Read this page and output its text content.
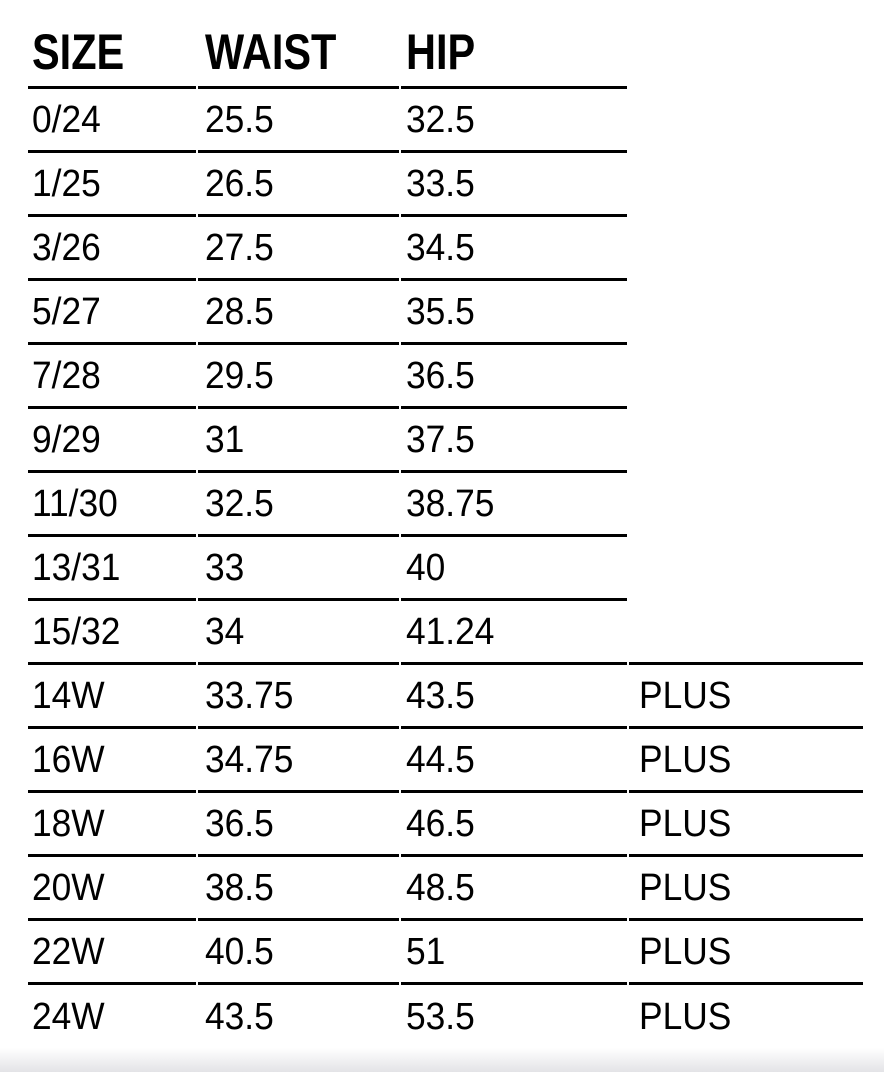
SIZE	WAIST	HIP	
0/24	25.5	32.5	
1/25	26.5	33.5	
3/26	27.5	34.5	
5/27	28.5	35.5	
7/28	29.5	36.5	
9/29	31	37.5	
11/30	32.5	38.75	
13/31	33	40	
15/32	34	41.24	
14W	33.75	43.5	PLUS
16W	34.75	44.5	PLUS
18W	36.5	46.5	PLUS
20W	38.5	48.5	PLUS
22W	40.5	51	PLUS
24W	43.5	53.5	PLUS
